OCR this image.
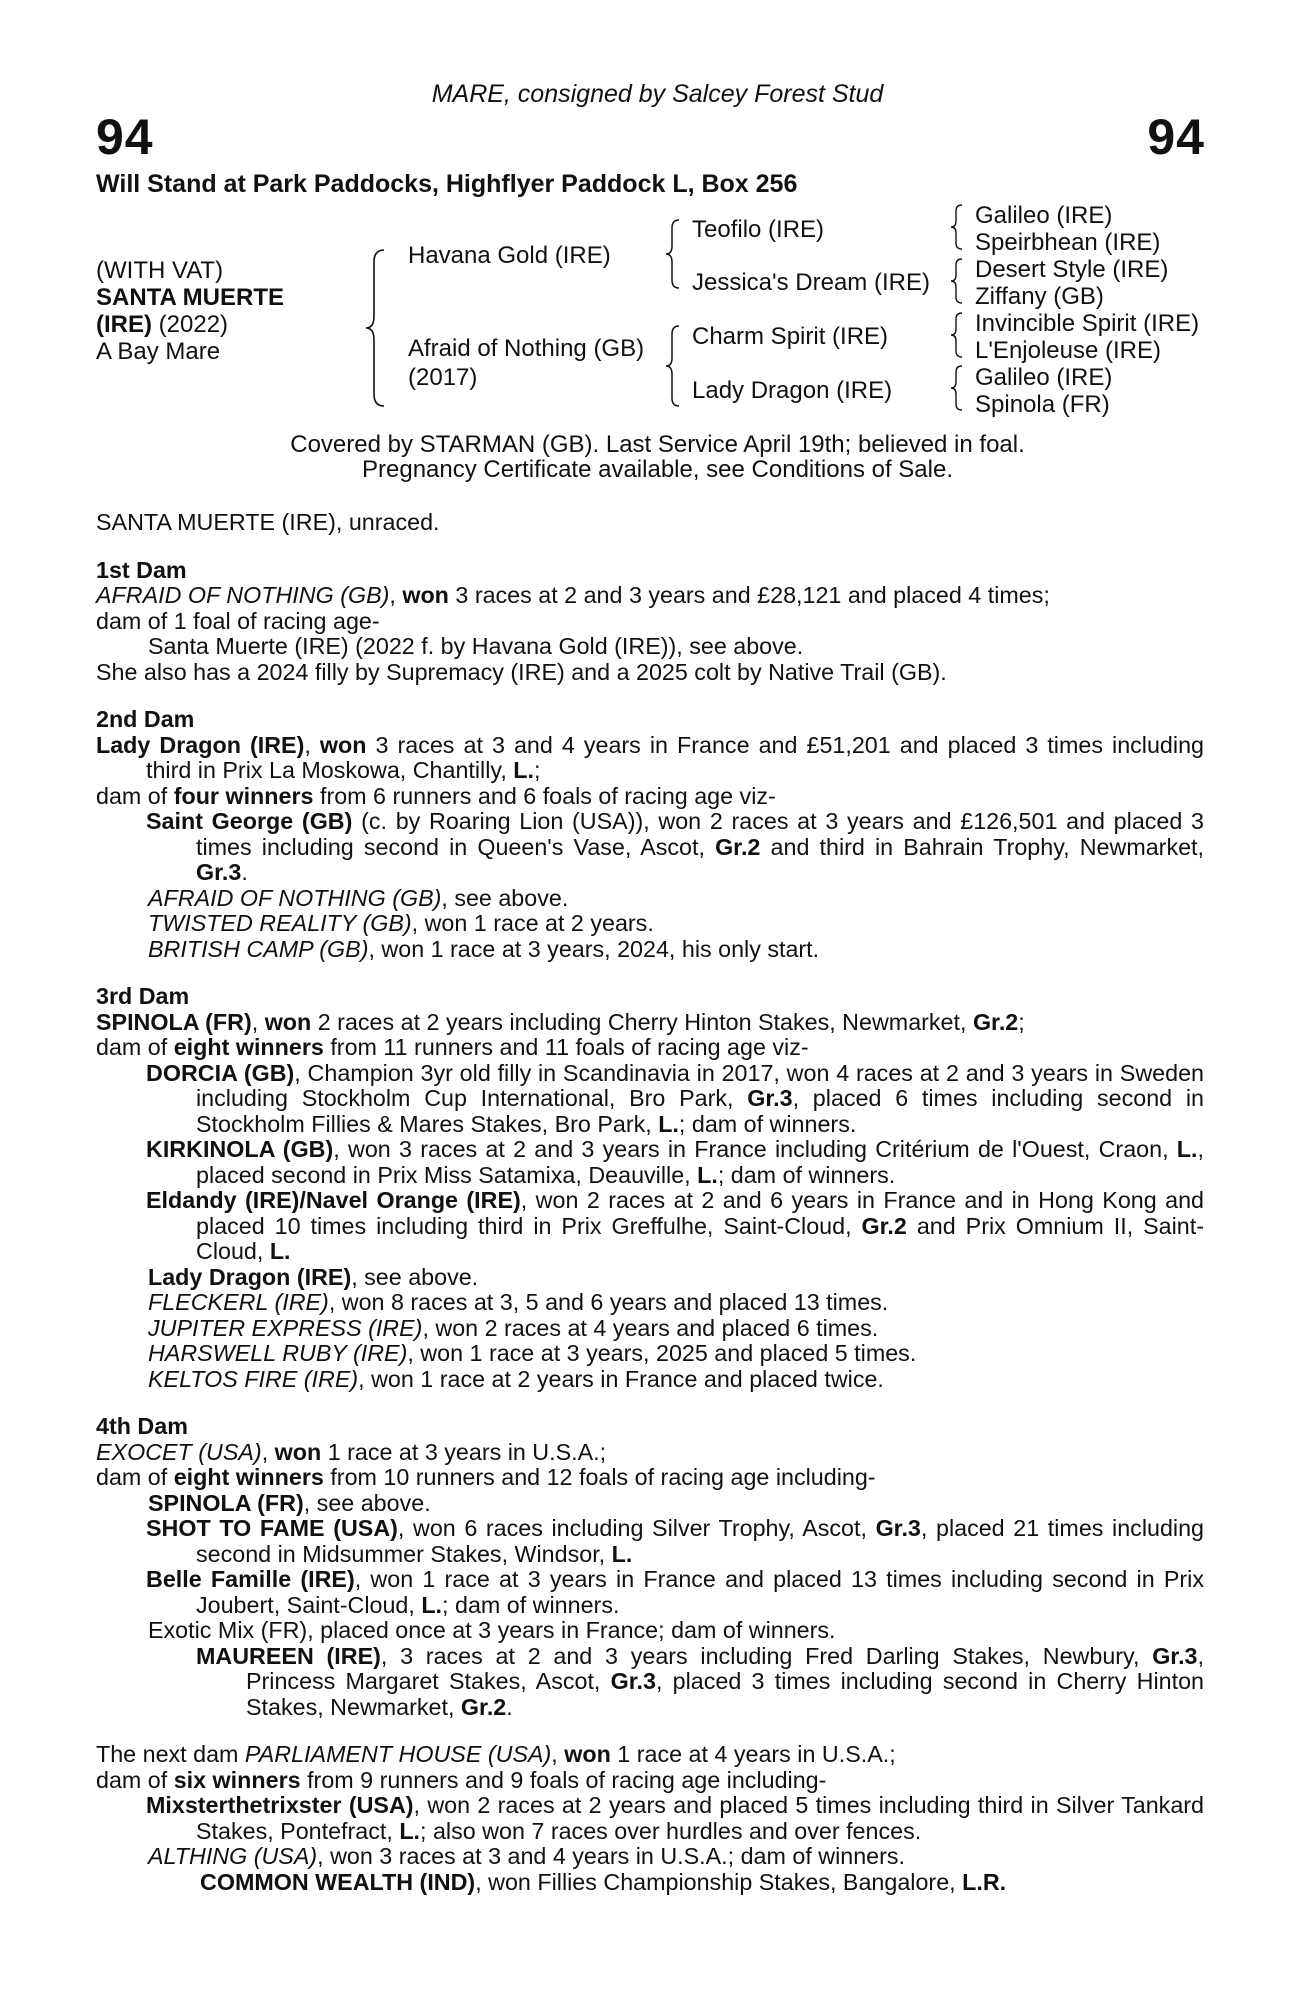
94	94
MARE, consigned by Salcey Forest Stud
Will Stand at Park Paddocks, Highflyer Paddock L, Box 256
(WITH VAT)
SANTA MUERTE
(IRE) (2022)
A Bay Mare
Havana Gold (IRE)
Afraid of Nothing (GB)
(2017)
Teofilo (IRE)
Jessica's Dream (IRE)
Charm Spirit (IRE)
Lady Dragon (IRE)
Galileo (IRE)
Speirbhean (IRE)
Desert Style (IRE)
Ziffany (GB)
Invincible Spirit (IRE)
L'Enjoleuse (IRE)
Galileo (IRE)
Spinola (FR)
Covered by STARMAN (GB). Last Service April 19th; believed in foal.
Pregnancy Certificate available, see Conditions of Sale.

SANTA MUERTE (IRE), unraced.

1st Dam

AFRAID OF NOTHING (GB), won 3 races at 2 and 3 years and £28,121 and placed 4 times;

dam of 1 foal of racing age-

Santa Muerte (IRE) (2022 f. by Havana Gold (IRE)), see above.

She also has a 2024 filly by Supremacy (IRE) and a 2025 colt by Native Trail (GB).

2nd Dam

Lady Dragon (IRE), won 3 races at 3 and 4 years in France and £51,201 and placed 3 times including third in Prix La Moskowa, Chantilly, L.;

dam of four winners from 6 runners and 6 foals of racing age viz-

Saint George (GB) (c. by Roaring Lion (USA)), won 2 races at 3 years and £126,501 and placed 3 times including second in Queen's Vase, Ascot, Gr.2 and third in Bahrain Trophy, Newmarket, Gr.3.

AFRAID OF NOTHING (GB), see above.

TWISTED REALITY (GB), won 1 race at 2 years.

BRITISH CAMP (GB), won 1 race at 3 years, 2024, his only start.

3rd Dam

SPINOLA (FR), won 2 races at 2 years including Cherry Hinton Stakes, Newmarket, Gr.2;

dam of eight winners from 11 runners and 11 foals of racing age viz-

DORCIA (GB), Champion 3yr old filly in Scandinavia in 2017, won 4 races at 2 and 3 years in Sweden including Stockholm Cup International, Bro Park, Gr.3, placed 6 times including second in Stockholm Fillies & Mares Stakes, Bro Park, L.; dam of winners.

KIRKINOLA (GB), won 3 races at 2 and 3 years in France including Critérium de l'Ouest, Craon, L., placed second in Prix Miss Satamixa, Deauville, L.; dam of winners.

Eldandy (IRE)/Navel Orange (IRE), won 2 races at 2 and 6 years in France and in Hong Kong and placed 10 times including third in Prix Greffulhe, Saint-Cloud, Gr.2 and Prix Omnium II, Saint-Cloud, L.

Lady Dragon (IRE), see above.

FLECKERL (IRE), won 8 races at 3, 5 and 6 years and placed 13 times.

JUPITER EXPRESS (IRE), won 2 races at 4 years and placed 6 times.

HARSWELL RUBY (IRE), won 1 race at 3 years, 2025 and placed 5 times.

KELTOS FIRE (IRE), won 1 race at 2 years in France and placed twice.

4th Dam

EXOCET (USA), won 1 race at 3 years in U.S.A.;

dam of eight winners from 10 runners and 12 foals of racing age including-

SPINOLA (FR), see above.

SHOT TO FAME (USA), won 6 races including Silver Trophy, Ascot, Gr.3, placed 21 times including second in Midsummer Stakes, Windsor, L.

Belle Famille (IRE), won 1 race at 3 years in France and placed 13 times including second in Prix Joubert, Saint-Cloud, L.; dam of winners.

Exotic Mix (FR), placed once at 3 years in France; dam of winners.

MAUREEN (IRE), 3 races at 2 and 3 years including Fred Darling Stakes, Newbury, Gr.3, Princess Margaret Stakes, Ascot, Gr.3, placed 3 times including second in Cherry Hinton Stakes, Newmarket, Gr.2.

The next dam PARLIAMENT HOUSE (USA), won 1 race at 4 years in U.S.A.;

dam of six winners from 9 runners and 9 foals of racing age including-

Mixsterthetrixster (USA), won 2 races at 2 years and placed 5 times including third in Silver Tankard Stakes, Pontefract, L.; also won 7 races over hurdles and over fences.

ALTHING (USA), won 3 races at 3 and 4 years in U.S.A.; dam of winners.

COMMON WEALTH (IND), won Fillies Championship Stakes, Bangalore, L.R.
